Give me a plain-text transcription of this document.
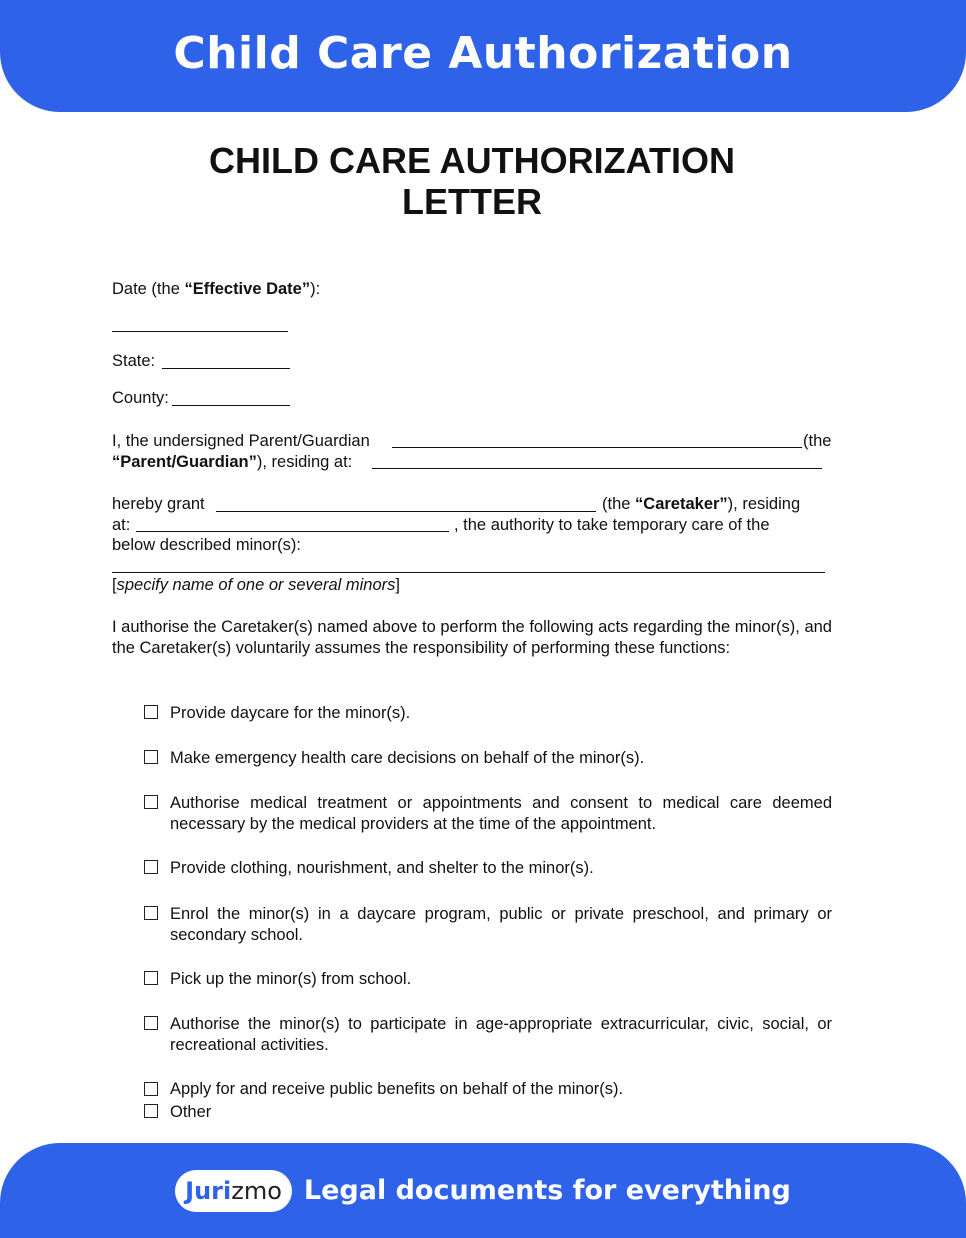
Child Care Authorization
CHILD CARE AUTHORIZATION
LETTER
Date (the “Effective Date”):
State:
County:
I, the undersigned Parent/Guardian	(the
“Parent/Guardian”), residing at:
hereby grant	(the “Caretaker”), residing
at:	, the authority to take temporary care of the
below described minor(s):
[specify name of one or several minors]
I authorise the Caretaker(s) named above to perform the following acts regarding the minor(s), and the Caretaker(s) voluntarily assumes the responsibility of performing these functions:
Provide daycare for the minor(s).
Make emergency health care decisions on behalf of the minor(s).
Authorise medical treatment or appointments and consent to medical care deemed necessary by the medical providers at the time of the appointment.
Provide clothing, nourishment, and shelter to the minor(s).
Enrol the minor(s) in a daycare program, public or private preschool, and primary or secondary school.
Pick up the minor(s) from school.
Authorise the minor(s) to participate in age-appropriate extracurricular, civic, social, or recreational activities.
Apply for and receive public benefits on behalf of the minor(s).
Other
Juri zmo Legal documents for everything
